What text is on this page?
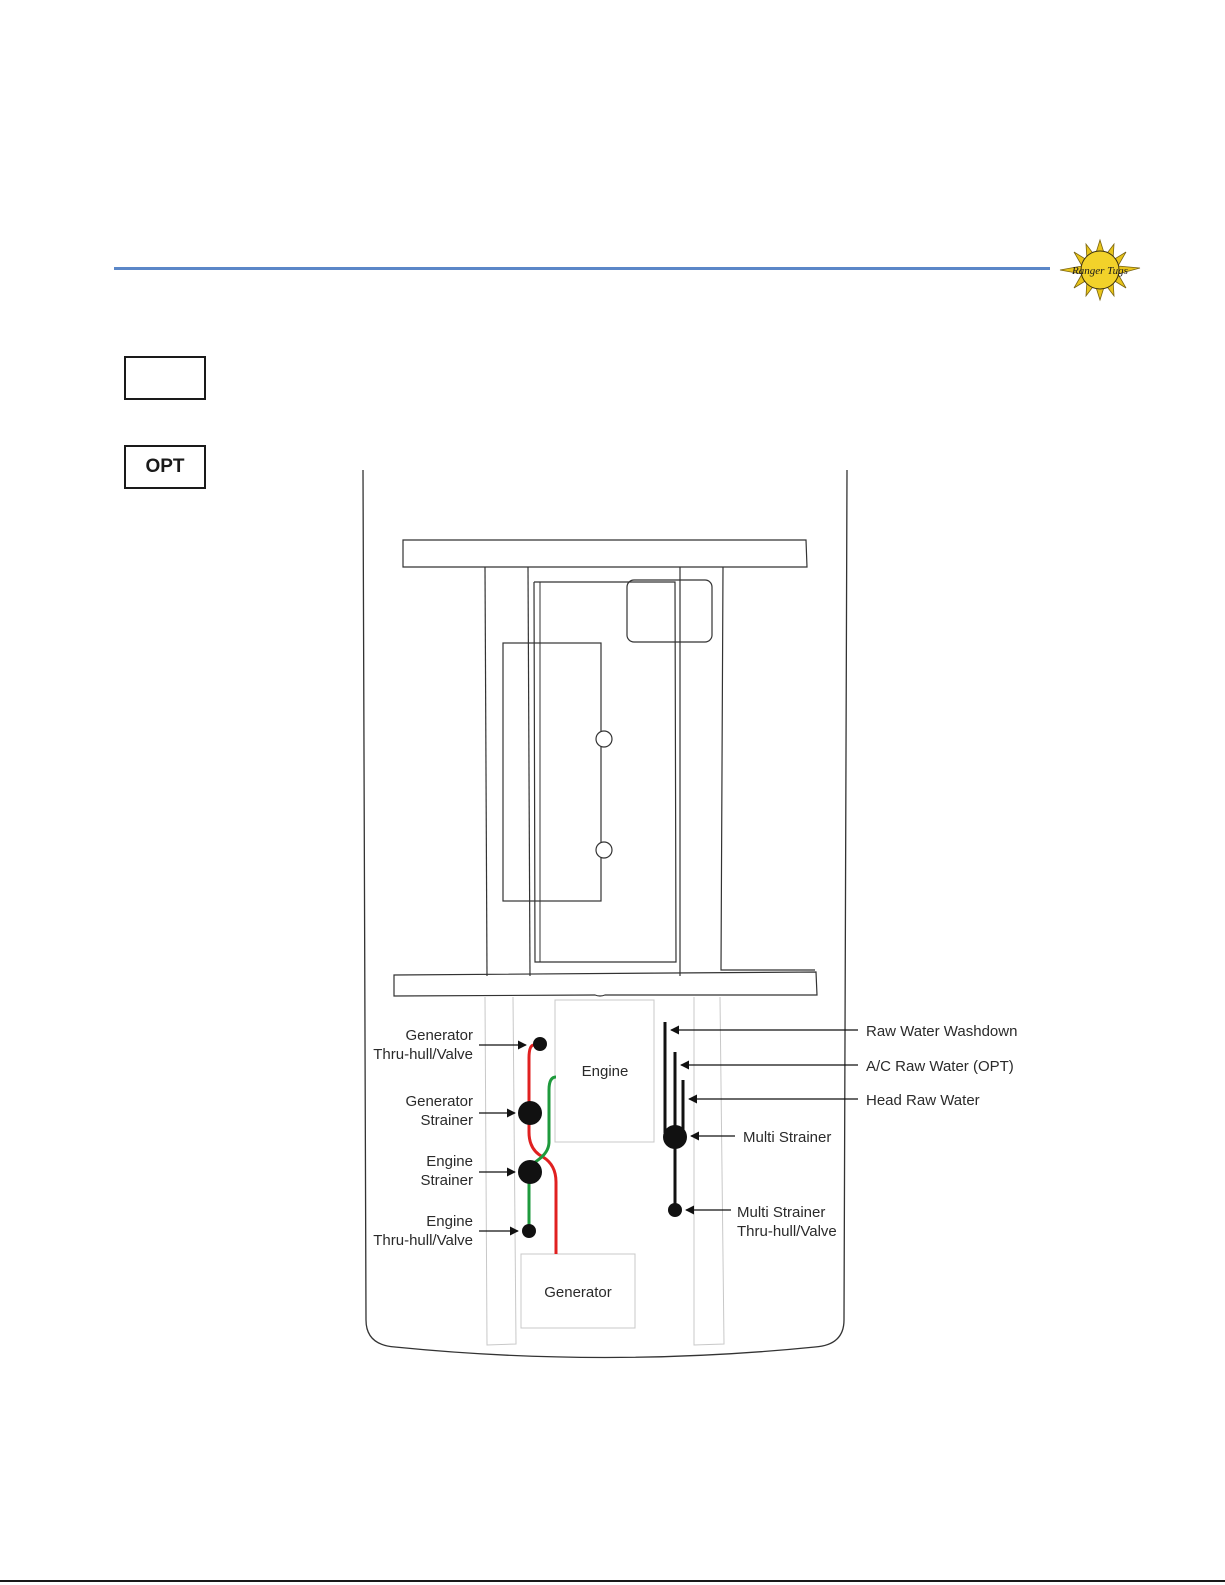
Ranger Tugs
OPT
Engine
Generator
Generator
Thru-hull/Valve
Generator
Strainer
Engine
Strainer
Engine
Thru-hull/Valve
Raw Water Washdown
A/C Raw Water (OPT)
Head Raw Water
Multi Strainer
Multi Strainer
Thru-hull/Valve
